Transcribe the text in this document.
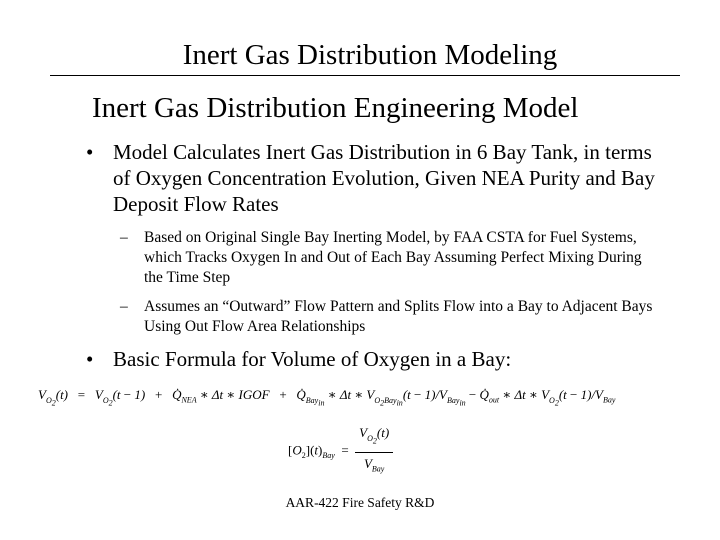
Inert Gas Distribution Modeling
Inert Gas Distribution Engineering Model
• Model Calculates Inert Gas Distribution in 6 Bay Tank, in terms of Oxygen Concentration Evolution, Given NEA Purity and Bay Deposit Flow Rates
– Based on Original Single Bay Inerting Model, by FAA CSTA for Fuel Systems, which Tracks Oxygen In and Out of Each Bay Assuming Perfect Mixing During the Time Step
– Assumes an “Outward” Flow Pattern and Splits Flow into a Bay to Adjacent Bays Using Out Flow Area Relationships
• Basic Formula for Volume of Oxygen in a Bay:
$V_{O_2}(t) = V_{O_2}(t - 1)$   +   $Q̇_{NEA}$ ∗ Δt ∗ IGOF   +   $Q̇_{Bay_{in}}$ ∗ Δt ∗ $V_{O_2Bay_{in}}(t - 1)/V_{Bay_{in}}$ − $Q̇_{out}$ ∗ Δt ∗ $V_{O_2}(t - 1)/V_{Bay}$
$[O_2](t)_{Bay} = \frac{V_{O_2}(t)}{V_{Bay}}$
AAR-422 Fire Safety R&D
